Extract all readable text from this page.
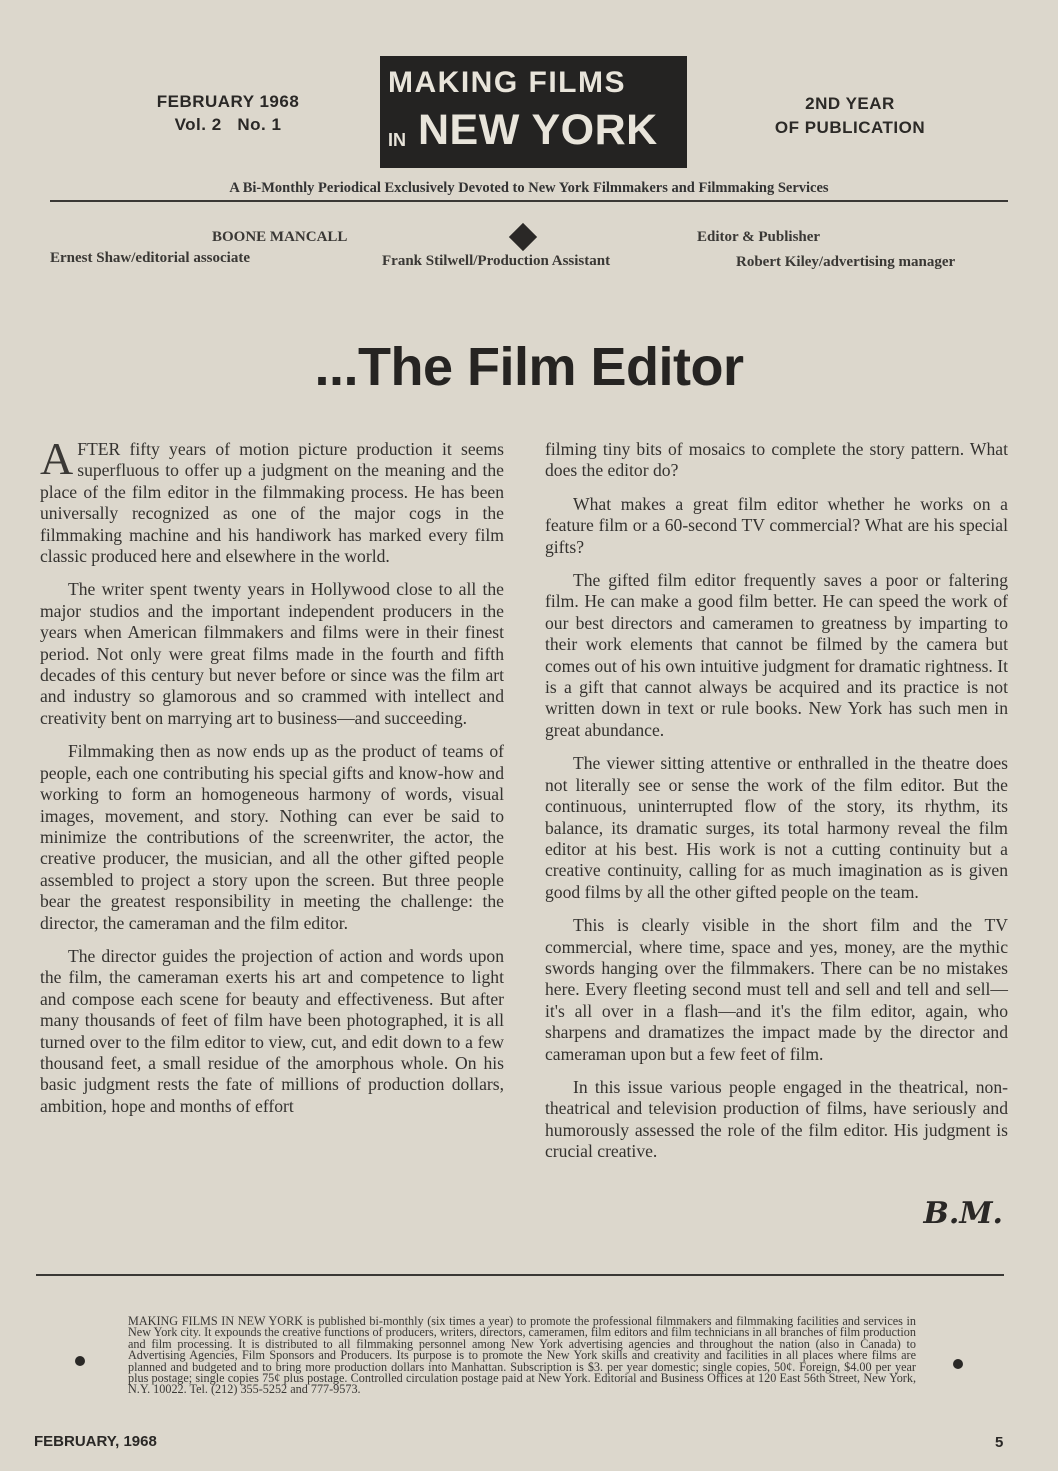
FEBRUARY 1968
Vol. 2   No. 1
MAKING FILMS
IN NEW YORK
2ND YEAR
OF PUBLICATION
A Bi-Monthly Periodical Exclusively Devoted to New York Filmmakers and Filmmaking Services
BOONE MANCALL	Editor & Publisher
Ernest Shaw/editorial associate	Frank Stilwell/Production Assistant	Robert Kiley/advertising manager
...The Film Editor

AFTER fifty years of motion picture production it seems superfluous to offer up a judgment on the meaning and the place of the film editor in the filmmaking process. He has been universally recognized as one of the major cogs in the filmmaking machine and his handiwork has marked every film classic produced here and elsewhere in the world.

The writer spent twenty years in Hollywood close to all the major studios and the important independent producers in the years when American filmmakers and films were in their finest period. Not only were great films made in the fourth and fifth decades of this century but never before or since was the film art and industry so glamorous and so crammed with intellect and creativity bent on marrying art to business—and succeeding.

Filmmaking then as now ends up as the product of teams of people, each one contributing his special gifts and know-how and working to form an homogeneous harmony of words, visual images, movement, and story. Nothing can ever be said to minimize the contributions of the screenwriter, the actor, the creative producer, the musician, and all the other gifted people assembled to project a story upon the screen. But three people bear the greatest responsibility in meeting the challenge: the director, the cameraman and the film editor.

The director guides the projection of action and words upon the film, the cameraman exerts his art and competence to light and compose each scene for beauty and effectiveness. But after many thousands of feet of film have been photographed, it is all turned over to the film editor to view, cut, and edit down to a few thousand feet, a small residue of the amorphous whole. On his basic judgment rests the fate of millions of production dollars, ambition, hope and months of effort

filming tiny bits of mosaics to complete the story pattern. What does the editor do?

What makes a great film editor whether he works on a feature film or a 60-second TV commercial? What are his special gifts?

The gifted film editor frequently saves a poor or faltering film. He can make a good film better. He can speed the work of our best directors and cameramen to greatness by imparting to their work elements that cannot be filmed by the camera but comes out of his own intuitive judgment for dramatic rightness. It is a gift that cannot always be acquired and its practice is not written down in text or rule books. New York has such men in great abundance.

The viewer sitting attentive or enthralled in the theatre does not literally see or sense the work of the film editor. But the continuous, uninterrupted flow of the story, its rhythm, its balance, its dramatic surges, its total harmony reveal the film editor at his best. His work is not a cutting continuity but a creative continuity, calling for as much imagination as is given good films by all the other gifted people on the team.

This is clearly visible in the short film and the TV commercial, where time, space and yes, money, are the mythic swords hanging over the filmmakers. There can be no mistakes here. Every fleeting second must tell and sell and tell and sell—it's all over in a flash—and it's the film editor, again, who sharpens and dramatizes the impact made by the director and cameraman upon but a few feet of film.

In this issue various people engaged in the theatrical, non-theatrical and television production of films, have seriously and humorously assessed the role of the film editor. His judgment is crucial creative.

B.M.
MAKING FILMS IN NEW YORK is published bi-monthly (six times a year) to promote the professional filmmakers and filmmaking facilities and services in New York city. It expounds the creative functions of producers, writers, directors, cameramen, film editors and film technicians in all branches of film production and film processing. It is distributed to all filmmaking personnel among New York advertising agencies and throughout the nation (also in Canada) to Advertising Agencies, Film Sponsors and Producers. Its purpose is to promote the New York skills and creativity and facilities in all places where films are planned and budgeted and to bring more production dollars into Manhattan. Subscription is $3. per year domestic; single copies, 50¢. Foreign, $4.00 per year plus postage; single copies 75¢ plus postage. Controlled circulation postage paid at New York. Editorial and Business Offices at 120 East 56th Street, New York, N.Y. 10022. Tel. (212) 355-5252 and 777-9573.
FEBRUARY, 1968	5
